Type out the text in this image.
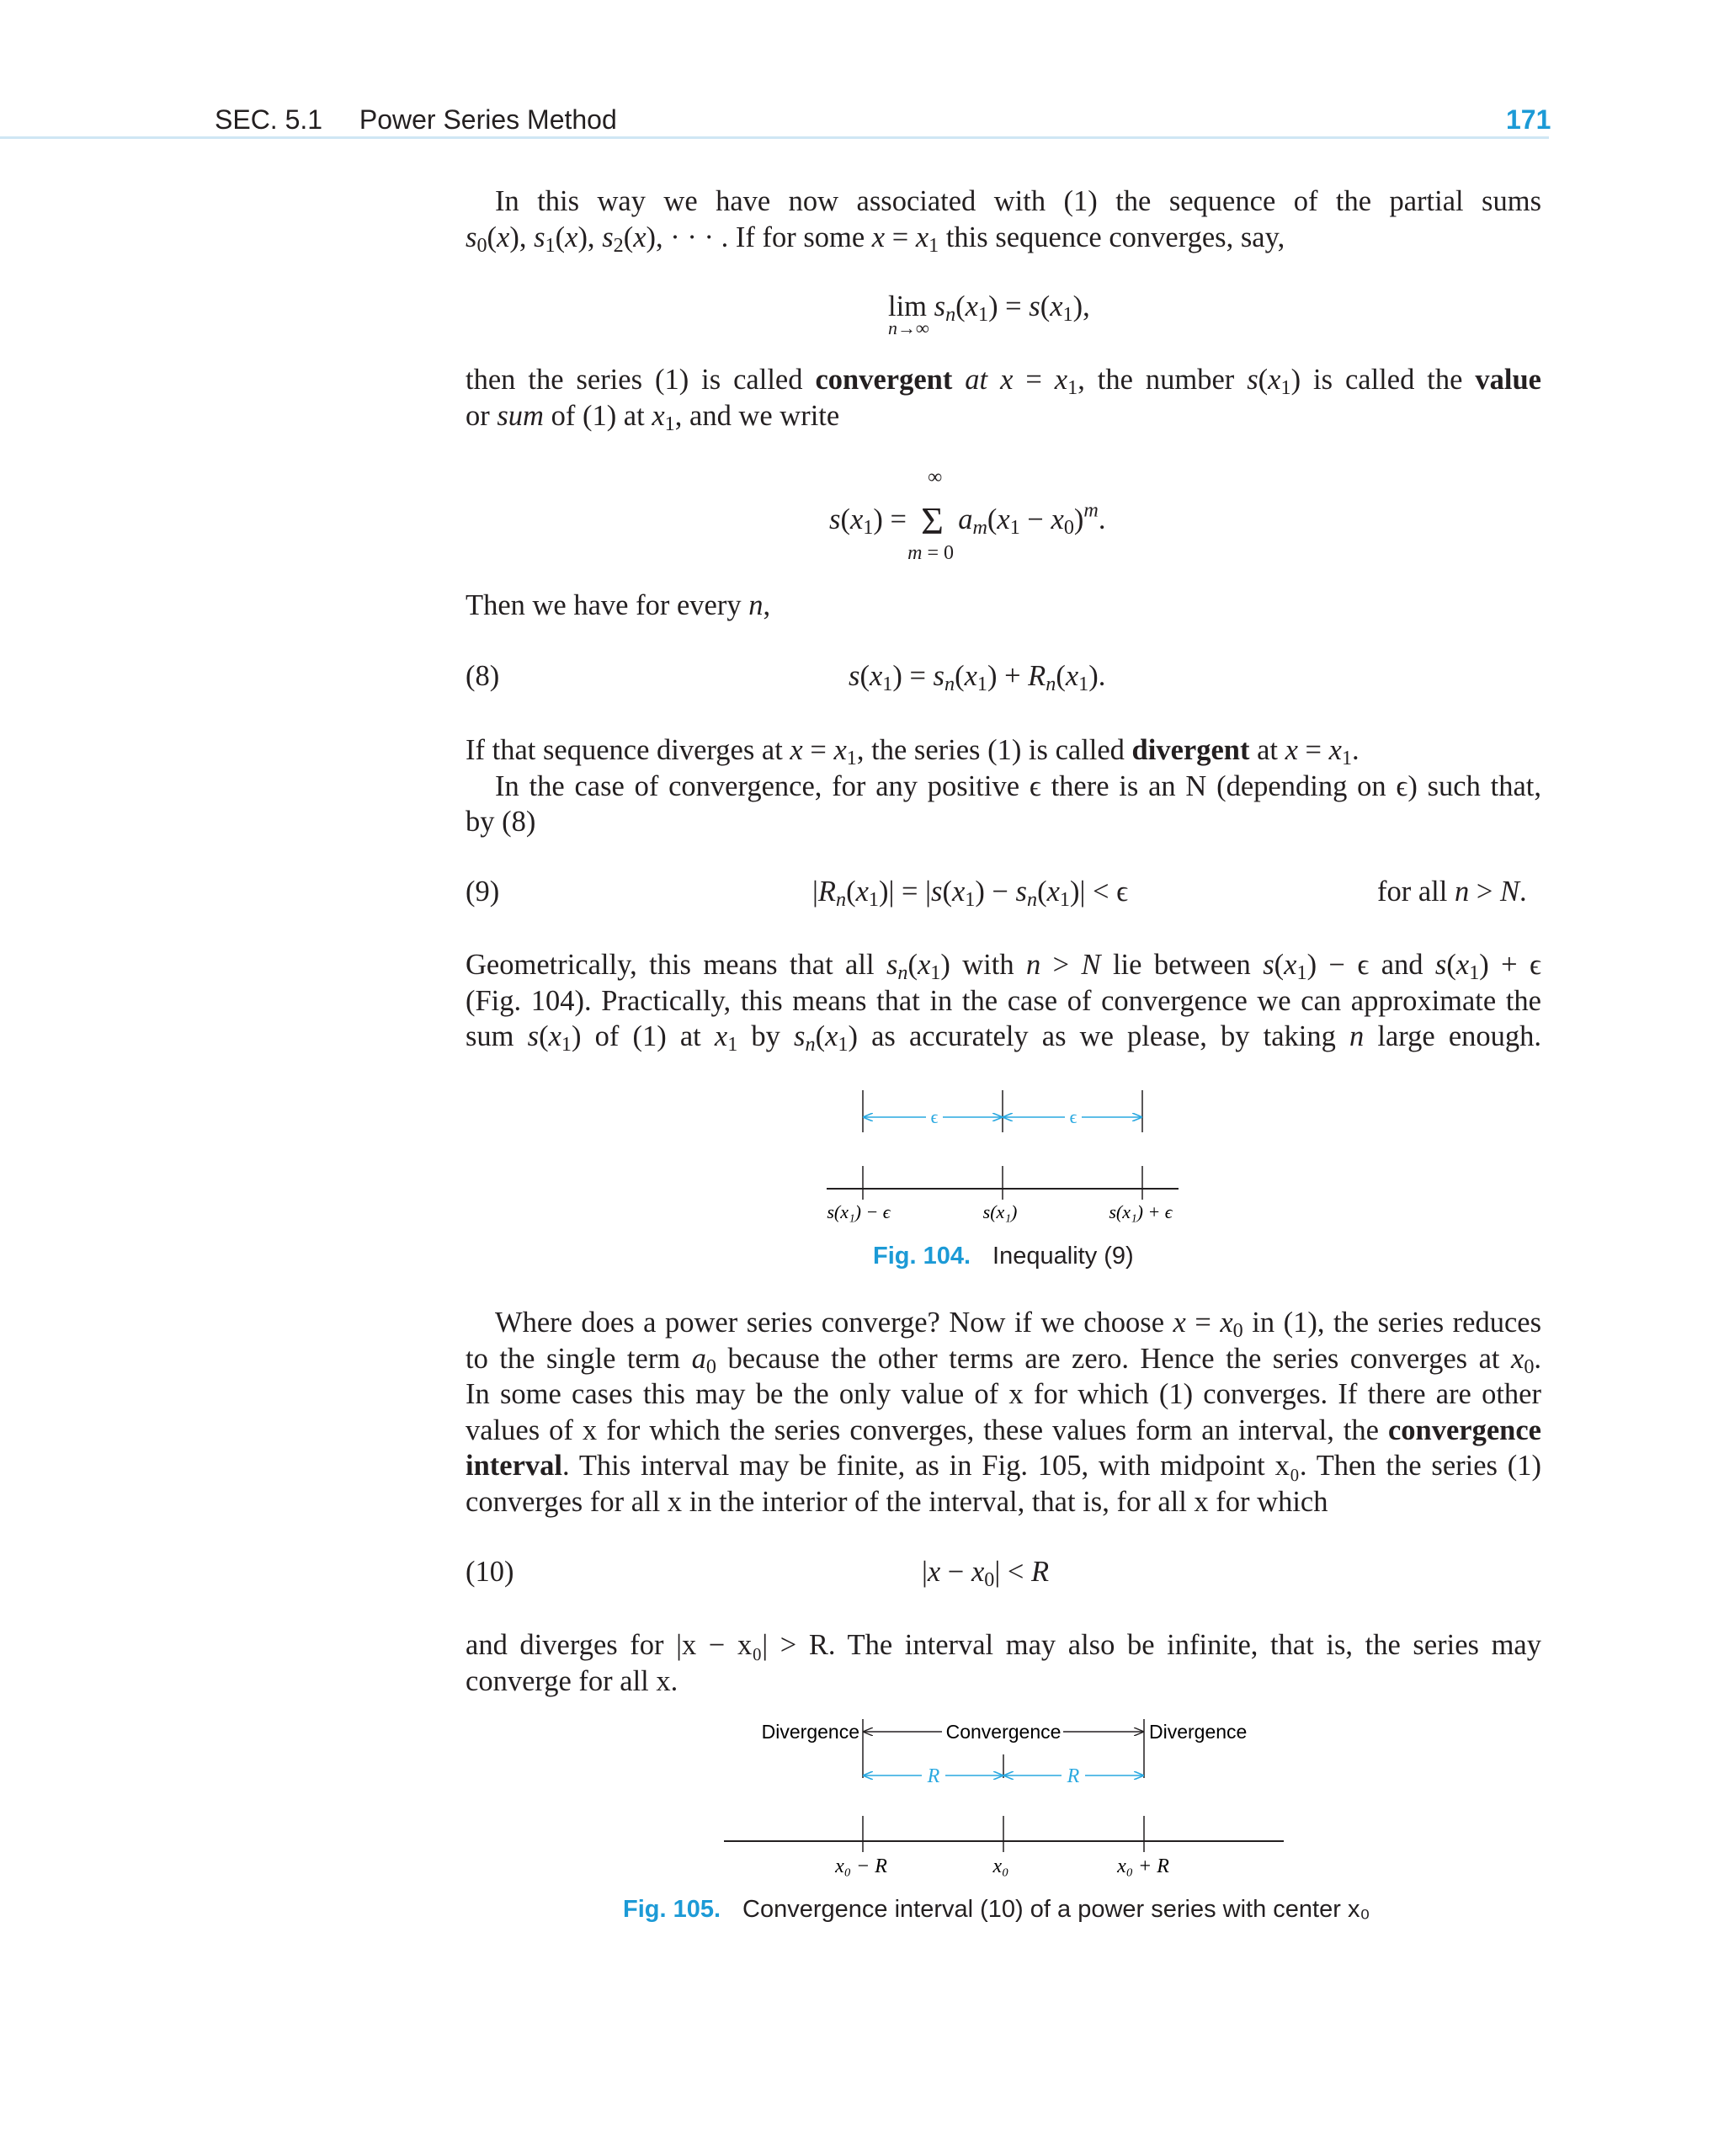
SEC. 5.1 Power Series Method	171
In this way we have now associated with (1) the sequence of the partial sums
$s_0(x)$, $s_1(x)$, $s_2(x)$, · · · . If for some $x = x_1$ this sequence converges, say,
lim
n→∞
$s_n(x_1) = s(x_1)$,
then the series (1) is called convergent at $x = x_1$, the number $s(x_1)$ is called the value
or sum of (1) at $x_1$, and we write
$s(x_1) = \Sigma$
∞
m = 0
$a_m(x_1 - x_0)^m$.
Then we have for every n,
(8)	$s(x_1) = s_n(x_1) + R_n(x_1)$.
If that sequence diverges at $x = x_1$, the series (1) is called divergent at $x = x_1$.
In the case of convergence, for any positive ϵ there is an N (depending on ϵ) such that,
by (8)
(9)	$|R_n(x_1)| = |s(x_1) - s_n(x_1)| < \epsilon$	for all n > N.
Geometrically, this means that all $s_n(x_1)$ with n > N lie between $s(x_1) - \epsilon$ and $s(x_1) + \epsilon$
(Fig. 104). Practically, this means that in the case of convergence we can approximate the
sum $s(x_1)$ of (1) at $x_1$ by $s_n(x_1)$ as accurately as we please, by taking n large enough.
ϵ	ϵ
s(x₁) − ϵ	s(x₁)	s(x₁) + ϵ
Fig. 104. Inequality (9)
Where does a power series converge? Now if we choose $x = x_0$ in (1), the series reduces
to the single term $a_0$ because the other terms are zero. Hence the series converges at $x_0$.
In some cases this may be the only value of x for which (1) converges. If there are other
values of x for which the series converges, these values form an interval, the convergence
interval. This interval may be finite, as in Fig. 105, with midpoint x₀. Then the series (1)
converges for all x in the interior of the interval, that is, for all x for which
(10)	$|x - x_0| < R$
and diverges for |x − x₀| > R. The interval may also be infinite, that is, the series may
converge for all x.
Convergence
Divergence	Divergence
R	R
x₀ − R	x₀	x₀ + R
Fig. 105. Convergence interval (10) of a power series with center x₀
